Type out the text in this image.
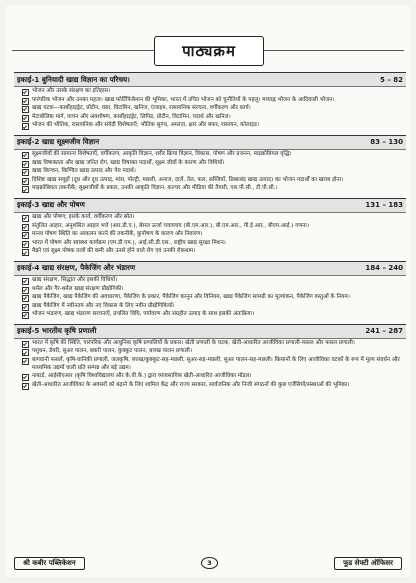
पाठ्यक्रम
इकाई-1 बुनियादी खाद्य विज्ञान का परिचय।	5 – 82
भोजन और उसके संरक्षण का इतिहास।
पारंपरिक भोजन और उनका महत्व। खाद्य फोर्टिफिकेशन की भूमिका, भारत में उचित भोजन को चुनौतियों के पहलू। मध्याह्न भोजन के आदिवासी भोजन।
खाद्य घटक—कार्बोहाइड्रेट, प्रोटीन, वसा, विटामिन, खनिज, एंजाइम, रासायनिक संरचना, वर्गीकरण और कार्य।
मेटाबोलिक मार्ग, पाचन और अवशोषण, कार्बोहाइड्रेट, लिपिड, प्रोटीन, विटामिन, पदार्थ और खनिज।
भोजन की भौतिक, रासायनिक और संवेदी विशेषताएँ; भौतिक सुगंध, अम्लता, क्षार और बफर, रासायन, कोलाइड।
इकाई-2 खाद्य सूक्ष्मजीव विज्ञान	83 – 130
सूक्ष्मजीवों की सामान्य विशेषताएँ, वर्गीकरण, आकृति विज्ञान, शरीर क्रिया विज्ञान, विकास, पोषण और प्रजनन, माइक्रोबियल वृद्धि।
खाद्य विषाक्तता और खाद्य जनित रोग, खाद्य विषाक्त पदार्थों, सूक्ष्म जीवों के कारण और विधियाँ।
खाद्य किण्वन, किण्वित खाद्य उत्पाद और पेय पदार्थ।
विशिष्ट खाद्य समूहों (दूध और दूध उत्पाद, मांस, पोल्ट्री, मछली, अनाज, दालें, तेल, फल, सब्जियाँ, डिब्बाबंद खाद्य उत्पाद) का भोजन पदार्थों का खराब होना।
माइक्रोबियल तकनीकें; सूक्ष्मजीवों के प्रकार, उनकी आकृति विज्ञान, कल्चर और मीडिया की तैयारी, एस.पी.सी., टी.पी.सी.।
इकाई-3 खाद्य और पोषण	131 – 183
खाद्य और पोषण; इसके कार्य, वर्गीकरण और स्रोत।
संतुलित आहार, अनुशंसित आहार भत्ते (आर.डी.ए.), बेसल ऊर्जा चयापचय (बी.एम.आर.), बी.एम.आर., पी.ई.आर., बीएम.आई.) गणना।
मानव पोषण स्थिति का आकलन करने की तकनीकें, कुपोषण के कारण और निवारण।
भारत में पोषण और स्वास्थ्य कार्यक्रम (एम.डी.एम.), आई.सी.डी.एस., राष्ट्रीय खाद्य सुरक्षा मिशन।
मैक्रो एवं सूक्ष्म पोषक तत्वों की कमी और उनसे होने वाले रोग एवं उनकी रोकथाम।
इकाई-4 खाद्य संरक्षण, पैकेजिंग और भंडारण	184 – 240
खाद्य संरक्षण, सिद्धांत और इसकी विधियाँ।
थर्मल और गैर-थर्मल खाद्य संरक्षण प्रौद्योगिकी।
खाद्य पैकेजिंग, खाद्य पैकेजिंग की अवधारणा, पैकेजिंग के प्रकार, पैकेजिंग कानून और विनियम, खाद्य पैकेजिंग सामग्री का मूल्यांकन, पैकेजिंग वस्तुओं के नियम।
खाद्य पैकेजिंग में नवीनतम और नए विकास के लिए नवीन प्रौद्योगिकियाँ।
भोजन भंडारण, खाद्य भंडारण सरचनाएँ, प्रचलित विधि, पर्यावरण और संग्रहीत उत्पाद के साथ इसकी अंतःक्रिया।
इकाई-5 भारतीय कृषि प्रणाली	241 – 287
भारत में कृषि की स्थिति, पारंपरिक और आधुनिक कृषि प्रणालियों के प्रकार। खेती प्रणाली के घटक, खेती-आधारित आजीविका प्रणाली-फसल और फसल प्रणाली।
पशुधन, डेयरी, सुअर पालन, बकरी पालन, कुक्कुट पालन, बत्तख पालन प्रणाली।
बागवानी फसलें, कृषि-वानिकी प्रणाली, जलकृषि, बत्तख/कुक्कुट-सह-मछली, सुअर-सह-मछली, सुअर पालन-सह-मछली। किसानों के लिए आजीविका घटकों के रूप में मूल्य संवर्धन और माध्यमिक उद्यमों वाली प्रति सम्पन्न और बड़े उद्यम।
नाबार्ड, आईसीएआर (कृषि विश्वविद्यालय और के.वी.के.) द्वारा व्यावसायिक खेती-आधारित आजीविका मॉडल।
खेती-आधारित आजीविका के अवसरों को बढ़ाने के लिए शामिल केंद्र और राज्य सरकार, सार्वजनिक और निजी संगठनों की कुछ एजेंसियों/संस्थाओं की भूमिका।
श्री कबीर पब्लिकेशन	3	फूड सेफ्टी ऑफिसर
